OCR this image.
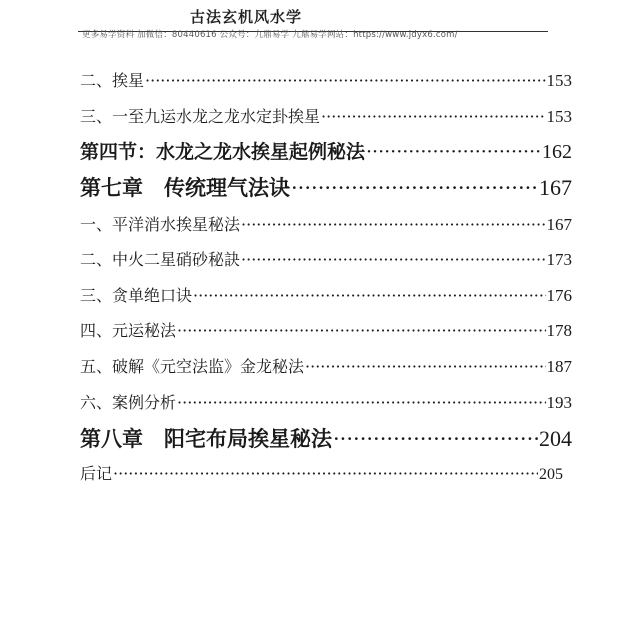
古法玄机风水学
更多易学资料 加微信：80440616 公众号：九鼎易学 九鼎易学网站：https://www.jdyx6.com/
二、挨星 ·····	153
三、一至九运水龙之龙水定卦挨星 ·····	153
第四节：水龙之龙水挨星起例秘法 ·····	162
第七章　传统理气法诀 ·····	167
一、平洋消水挨星秘法 ·····	167
二、中火二星硝砂秘訣 ·····	173
三、贪单绝口诀 ·····	176
四、元运秘法 ·····	178
五、破解《元空法监》金龙秘法 ·····	187
六、案例分析 ·····	193
第八章　阳宅布局挨星秘法 ·····	204
后记 ·····	205
